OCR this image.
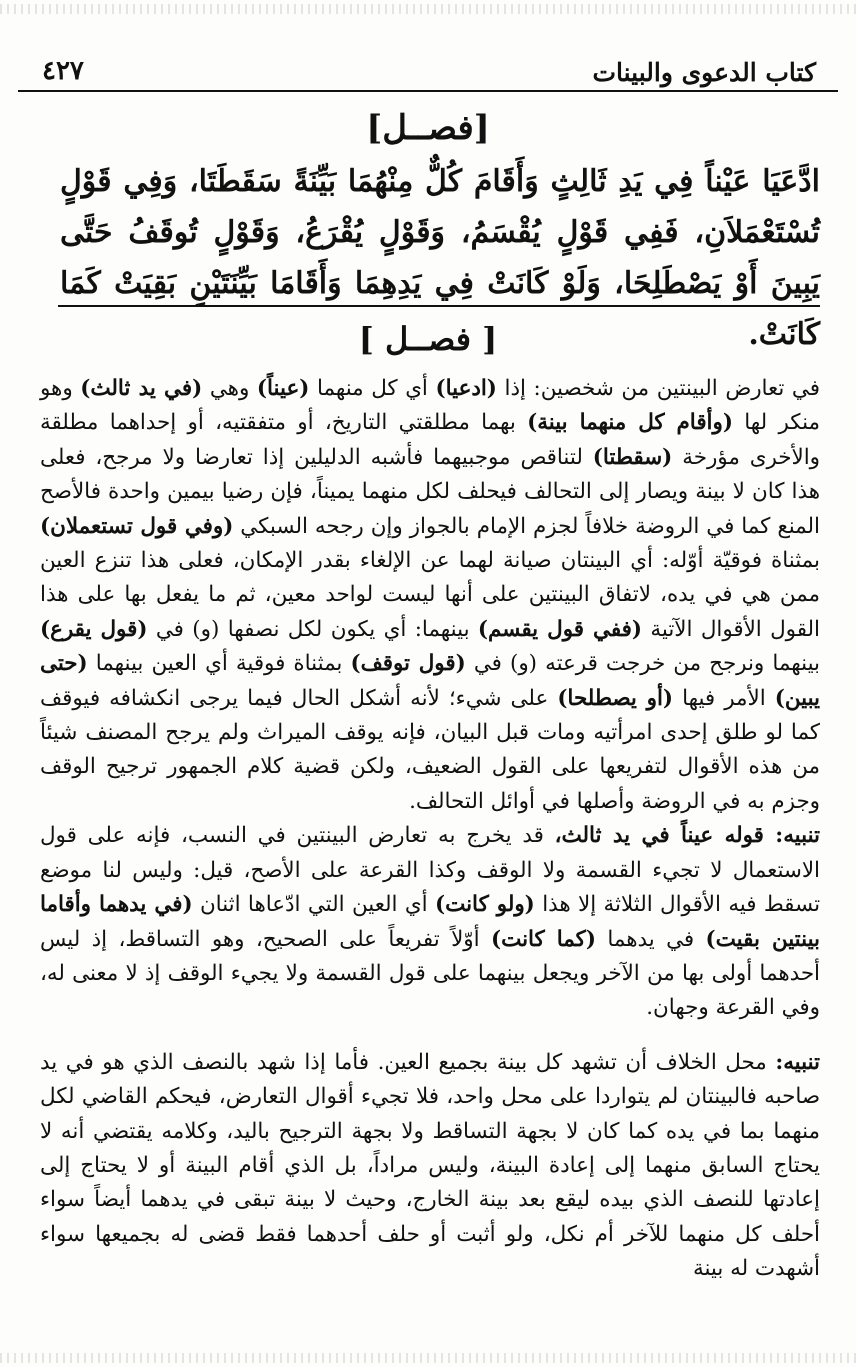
كتاب الدعوى والبينات
٤٢٧
[فصــل]

ادَّعَيَا عَيْناً فِي يَدِ ثَالِثٍ وَأَقَامَ كُلٌّ مِنْهُمَا بَيِّنَةً سَقَطَتَا، وَفِي قَوْلٍ تُسْتَعْمَلاَنِ، فَفِي قَوْلٍ يُقْسَمُ، وَقَوْلٍ يُقْرَعُ، وَقَوْلٍ تُوقَفُ حَتَّى يَبِينَ أَوْ يَصْطَلِحَا، وَلَوْ كَانَتْ فِي يَدِهِمَا وَأَقَامَا بَيِّنَتَيْنِ بَقِيَتْ كَمَا كَانَتْ.

[ فصــل ]

في تعارض البينتين من شخصين: إذا (ادعيا) أي كل منهما (عيناً) وهي (في يد ثالث) وهو منكر لها (وأقام كل منهما بينة) بهما مطلقتي التاريخ، أو متفقتيه، أو إحداهما مطلقة والأخرى مؤرخة (سقطتا) لتناقص موجبيهما فأشبه الدليلين إذا تعارضا ولا مرجح، فعلى هذا كان لا بينة ويصار إلى التحالف فيحلف لكل منهما يميناً، فإن رضيا بيمين واحدة فالأصح المنع كما في الروضة خلافاً لجزم الإمام بالجواز وإن رجحه السبكي (وفي قول تستعملان) بمثناة فوقيّة أوّله: أي البينتان صيانة لهما عن الإلغاء بقدر الإمكان، فعلى هذا تنزع العين ممن هي في يده، لاتفاق البينتين على أنها ليست لواحد معين، ثم ما يفعل بها على هذا القول الأقوال الآتية (ففي قول يقسم) بينهما: أي يكون لكل نصفها (و) في (قول يقرع) بينهما ونرجح من خرجت قرعته (و) في (قول توقف) بمثناة فوقية أي العين بينهما (حتى يبين) الأمر فيها (أو يصطلحا) على شيء؛ لأنه أشكل الحال فيما يرجى انكشافه فيوقف كما لو طلق إحدى امرأتيه ومات قبل البيان، فإنه يوقف الميراث ولم يرجح المصنف شيئاً من هذه الأقوال لتفريعها على القول الضعيف، ولكن قضية كلام الجمهور ترجيح الوقف وجزم به في الروضة وأصلها في أوائل التحالف.

تنبيه: قوله عيناً في يد ثالث، قد يخرج به تعارض البينتين في النسب، فإنه على قول الاستعمال لا تجيء القسمة ولا الوقف وكذا القرعة على الأصح، قيل: وليس لنا موضع تسقط فيه الأقوال الثلاثة إلا هذا (ولو كانت) أي العين التي ادّعاها اثنان (في يدهما وأقاما بينتين بقيت) في يدهما (كما كانت) أوّلاً تفريعاً على الصحيح، وهو التساقط، إذ ليس أحدهما أولى بها من الآخر ويجعل بينهما على قول القسمة ولا يجيء الوقف إذ لا معنى له، وفي القرعة وجهان.

تنبيه: محل الخلاف أن تشهد كل بينة بجميع العين. فأما إذا شهد بالنصف الذي هو في يد صاحبه فالبينتان لم يتواردا على محل واحد، فلا تجيء أقوال التعارض، فيحكم القاضي لكل منهما بما في يده كما كان لا بجهة التساقط ولا بجهة الترجيح باليد، وكلامه يقتضي أنه لا يحتاج السابق منهما إلى إعادة البينة، وليس مراداً، بل الذي أقام البينة أو لا يحتاج إلى إعادتها للنصف الذي بيده ليقع بعد بينة الخارج، وحيث لا بينة تبقى في يدهما أيضاً سواء أحلف كل منهما للآخر أم نكل، ولو أثبت أو حلف أحدهما فقط قضى له بجميعها سواء أشهدت له بينة
